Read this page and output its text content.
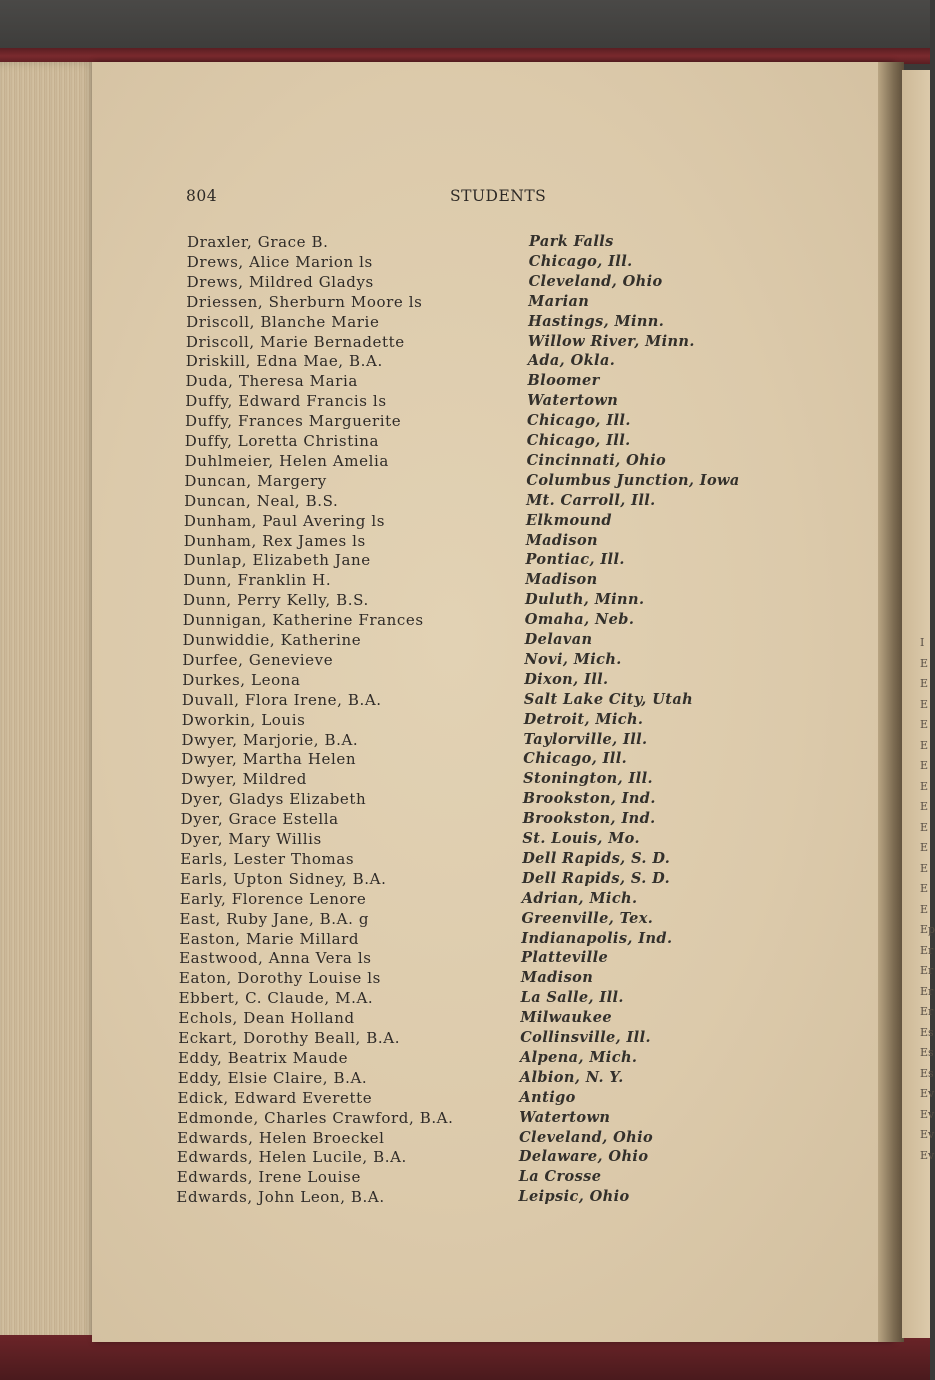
I
E
E
E
E
E
E
E
E
E
E
E
E
E
Ep
Er
Er
Er
Er
Es
Es
Es
Ev
Ev
Ev
Ev
804	STUDENTS
Draxler, Grace B.	Park Falls
Drews, Alice Marion ls	Chicago, Ill.
Drews, Mildred Gladys	Cleveland, Ohio
Driessen, Sherburn Moore ls	Marian
Driscoll, Blanche Marie	Hastings, Minn.
Driscoll, Marie Bernadette	Willow River, Minn.
Driskill, Edna Mae, B.A.	Ada, Okla.
Duda, Theresa Maria	Bloomer
Duffy, Edward Francis ls	Watertown
Duffy, Frances Marguerite	Chicago, Ill.
Duffy, Loretta Christina	Chicago, Ill.
Duhlmeier, Helen Amelia	Cincinnati, Ohio
Duncan, Margery	Columbus Junction, Iowa
Duncan, Neal, B.S.	Mt. Carroll, Ill.
Dunham, Paul Avering ls	Elkmound
Dunham, Rex James ls	Madison
Dunlap, Elizabeth Jane	Pontiac, Ill.
Dunn, Franklin H.	Madison
Dunn, Perry Kelly, B.S.	Duluth, Minn.
Dunnigan, Katherine Frances	Omaha, Neb.
Dunwiddie, Katherine	Delavan
Durfee, Genevieve	Novi, Mich.
Durkes, Leona	Dixon, Ill.
Duvall, Flora Irene, B.A.	Salt Lake City, Utah
Dworkin, Louis	Detroit, Mich.
Dwyer, Marjorie, B.A.	Taylorville, Ill.
Dwyer, Martha Helen	Chicago, Ill.
Dwyer, Mildred	Stonington, Ill.
Dyer, Gladys Elizabeth	Brookston, Ind.
Dyer, Grace Estella	Brookston, Ind.
Dyer, Mary Willis	St. Louis, Mo.
Earls, Lester Thomas	Dell Rapids, S. D.
Earls, Upton Sidney, B.A.	Dell Rapids, S. D.
Early, Florence Lenore	Adrian, Mich.
East, Ruby Jane, B.A. g	Greenville, Tex.
Easton, Marie Millard	Indianapolis, Ind.
Eastwood, Anna Vera ls	Platteville
Eaton, Dorothy Louise ls	Madison
Ebbert, C. Claude, M.A.	La Salle, Ill.
Echols, Dean Holland	Milwaukee
Eckart, Dorothy Beall, B.A.	Collinsville, Ill.
Eddy, Beatrix Maude	Alpena, Mich.
Eddy, Elsie Claire, B.A.	Albion, N. Y.
Edick, Edward Everette	Antigo
Edmonde, Charles Crawford, B.A.	Watertown
Edwards, Helen Broeckel	Cleveland, Ohio
Edwards, Helen Lucile, B.A.	Delaware, Ohio
Edwards, Irene Louise	La Crosse
Edwards, John Leon, B.A.	Leipsic, Ohio
